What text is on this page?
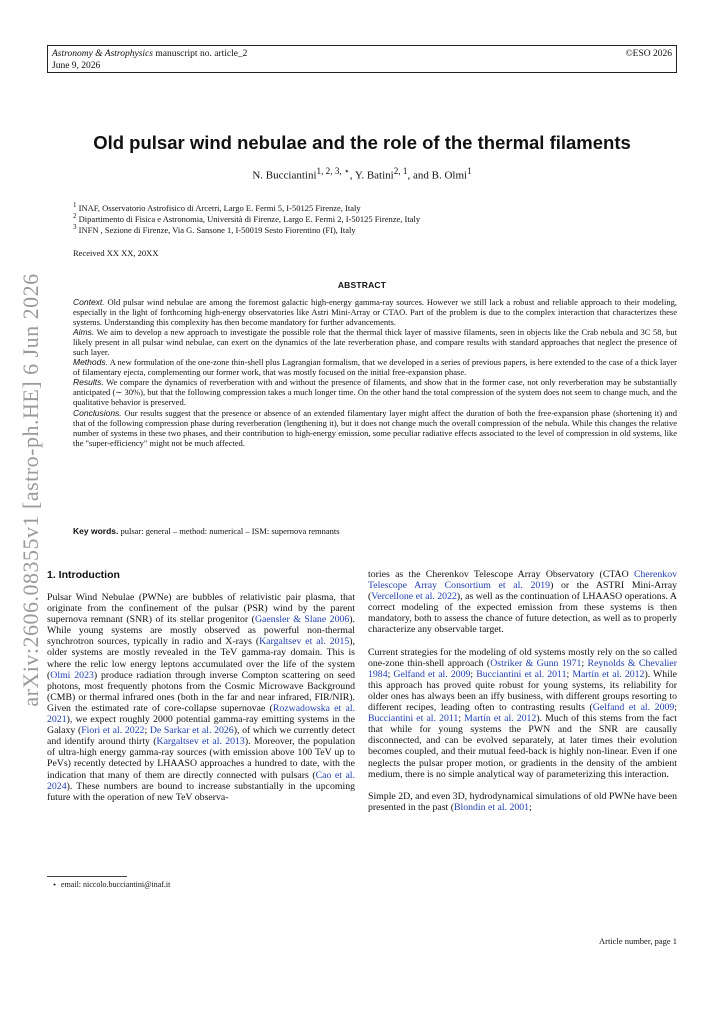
Astronomy & Astrophysics manuscript no. article_2
June 9, 2026
©ESO 2026
arXiv:2606.08355v1 [astro-ph.HE] 6 Jun 2026
Old pulsar wind nebulae and the role of the thermal filaments
N. Bucciantini$^{1, 2, 3, ⋆}$, Y. Batini$^{2, 1}$, and B. Olmi$^1$
$^1$ INAF, Osservatorio Astrofisico di Arcetri, Largo E. Fermi 5, I-50125 Firenze, Italy
$^2$ Dipartimento di Fisica e Astronomia, Università di Firenze, Largo E. Fermi 2, I-50125 Firenze, Italy
$^3$ INFN , Sezione di Firenze, Via G. Sansone 1, I-50019 Sesto Fiorentino (FI), Italy
Received XX XX, 20XX
ABSTRACT

Context. Old pulsar wind nebulae are among the foremost galactic high-energy gamma-ray sources. However we still lack a robust and reliable approach to their modeling, especially in the light of forthcoming high-energy observatories like Astri Mini-Array or CTAO. Part of the problem is due to the complex interaction that characterizes these systems. Understanding this complexity has then become mandatory for further advancements.

Aims. We aim to develop a new approach to investigate the possible role that the thermal thick layer of massive filaments, seen in objects like the Crab nebula and 3C 58, but likely present in all pulsar wind nebulae, can exert on the dynamics of the late reverberation phase, and compare results with standard approaches that neglect the presence of such layer.

Methods. A new formulation of the one-zone thin-shell plus Lagrangian formalism, that we developed in a series of previous papers, is here extended to the case of a thick layer of filamentary ejecta, complementing our former work, that was mostly focused on the initial free-expansion phase.

Results. We compare the dynamics of reverberation with and without the presence of filaments, and show that in the former case, not only reverberation may be substantially anticipated (∼ 30%), but that the following compression takes a much longer time. On the other hand the total compression of the system does not seem to change much, and the qualitative behavior is preserved.

Conclusions. Our results suggest that the presence or absence of an extended filamentary layer might affect the duration of both the free-expansion phase (shortening it) and that of the following compression phase during reverberation (lengthening it), but it does not change much the overall compression of the nebula. While this changes the relative number of systems in these two phases, and their contribution to high-energy emission, some peculiar radiative effects associated to the level of compression in old systems, like the "super-efficiency" might not be much affected.

Key words. pulsar: general – method: numerical – ISM: supernova remnants
1. Introduction

Pulsar Wind Nebulae (PWNe) are bubbles of relativistic pair plasma, that originate from the confinement of the pulsar (PSR) wind by the parent supernova remnant (SNR) of its stellar progenitor (Gaensler & Slane 2006). While young systems are mostly observed as powerful non-thermal synchrotron sources, typically in radio and X-rays (Kargaltsev et al. 2015), older systems are mostly revealed in the TeV gamma-ray domain. This is where the relic low energy leptons accumulated over the life of the system (Olmi 2023) produce radiation through inverse Compton scattering on seed photons, most frequently photons from the Cosmic Microwave Background (CMB) or thermal infrared ones (both in the far and near infrared, FIR/NIR). Given the estimated rate of core-collapse supernovae (Rozwadowska et al. 2021), we expect roughly 2000 potential gamma-ray emitting systems in the Galaxy (Fiori et al. 2022; De Sarkar et al. 2026), of which we currently detect and identify around thirty (Kargaltsev et al. 2013). Moreover, the population of ultra-high energy gamma-ray sources (with emission above 100 TeV up to PeVs) recently detected by LHAASO approaches a hundred to date, with the indication that many of them are directly connected with pulsars (Cao et al. 2024). These numbers are bound to increase substantially in the upcoming future with the operation of new TeV observa-

tories as the Cherenkov Telescope Array Observatory (CTAO Cherenkov Telescope Array Consortium et al. 2019) or the ASTRI Mini-Array (Vercellone et al. 2022), as well as the continuation of LHAASO operations. A correct modeling of the expected emission from these systems is then mandatory, both to assess the chance of future detection, as well as to properly characterize any observable target.

Current strategies for the modeling of old systems mostly rely on the so called one-zone thin-shell approach (Ostriker & Gunn 1971; Reynolds & Chevalier 1984; Gelfand et al. 2009; Bucciantini et al. 2011; Martín et al. 2012). While this approach has proved quite robust for young systems, its reliability for older ones has always been an iffy business, with different groups resorting to different recipes, leading often to contrasting results (Gelfand et al. 2009; Bucciantini et al. 2011; Martín et al. 2012). Much of this stems from the fact that while for young systems the PWN and the SNR are causally disconnected, and can be evolved separately, at later times their evolution becomes coupled, and their mutual feed-back is highly non-linear. Even if one neglects the pulsar proper motion, or gradients in the density of the ambient medium, there is no simple analytical way of parameterizing this interaction.

Simple 2D, and even 3D, hydrodynamical simulations of old PWNe have been presented in the past (Blondin et al. 2001;

⋆ email: niccolo.bucciantini@inaf.it
Article number, page 1
